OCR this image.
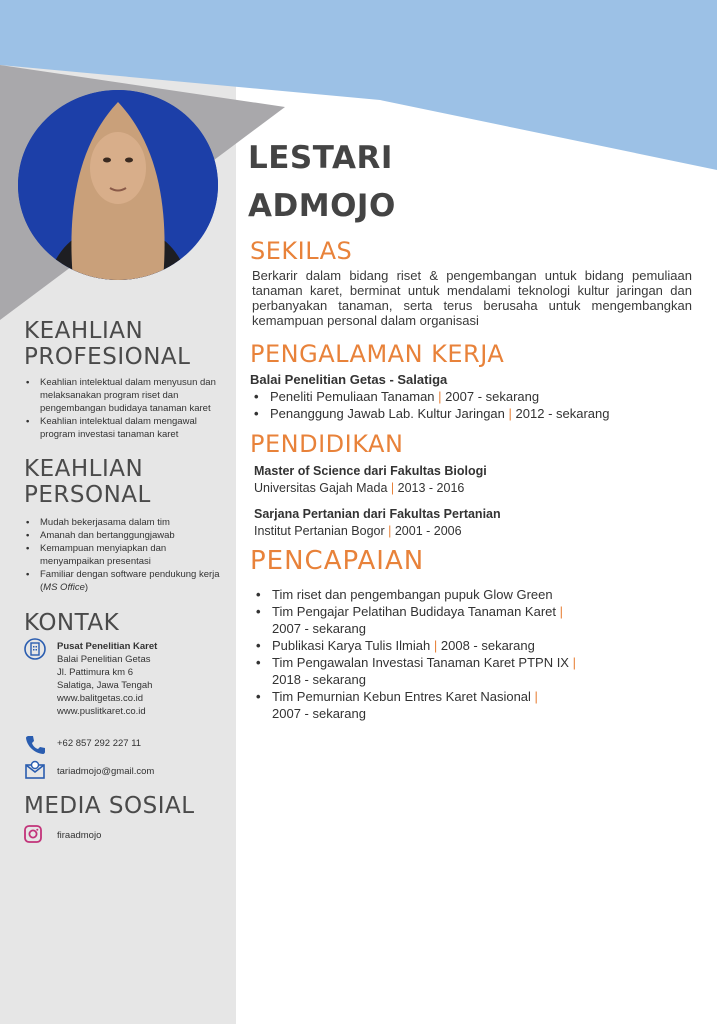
LESTARI
ADMOJO
SEKILAS
Berkarir dalam bidang riset & pengembangan untuk bidang pemuliaan tanaman karet, berminat untuk mendalami teknologi kultur jaringan dan perbanyakan tanaman, serta terus berusaha untuk mengembangkan kemampuan personal dalam organisasi
PENGALAMAN KERJA
Balai Penelitian Getas - Salatiga
• Peneliti Pemuliaan Tanaman | 2007 - sekarang
• Penanggung Jawab Lab. Kultur Jaringan | 2012 - sekarang
PENDIDIKAN
Master of Science dari Fakultas Biologi
Universitas Gajah Mada | 2013 - 2016
Sarjana Pertanian dari Fakultas Pertanian
Institut Pertanian Bogor | 2001 - 2006
PENCAPAIAN
• Tim riset dan pengembangan pupuk Glow Green
• Tim Pengajar Pelatihan Budidaya Tanaman Karet |
2007 - sekarang
• Publikasi Karya Tulis Ilmiah | 2008 - sekarang
• Tim Pengawalan Investasi Tanaman Karet PTPN IX |
2018 - sekarang
• Tim Pemurnian Kebun Entres Karet Nasional |
2007 - sekarang
KEAHLIAN
PROFESIONAL
• Keahlian intelektual dalam menyusun dan melaksanakan program riset dan pengembangan budidaya tanaman karet
• Keahlian intelektual dalam mengawal program investasi tanaman karet
KEAHLIAN
PERSONAL
• Mudah bekerjasama dalam tim
• Amanah dan bertanggungjawab
• Kemampuan menyiapkan dan menyampaikan presentasi
• Familiar dengan software pendukung kerja
(MS Office)
KONTAK
Pusat Penelitian Karet
Balai Penelitian Getas
Jl. Pattimura km 6
Salatiga, Jawa Tengah
www.balitgetas.co.id
www.puslitkaret.co.id
+62 857 292 227 11
tariadmojo@gmail.com
MEDIA SOSIAL
firaadmojo
